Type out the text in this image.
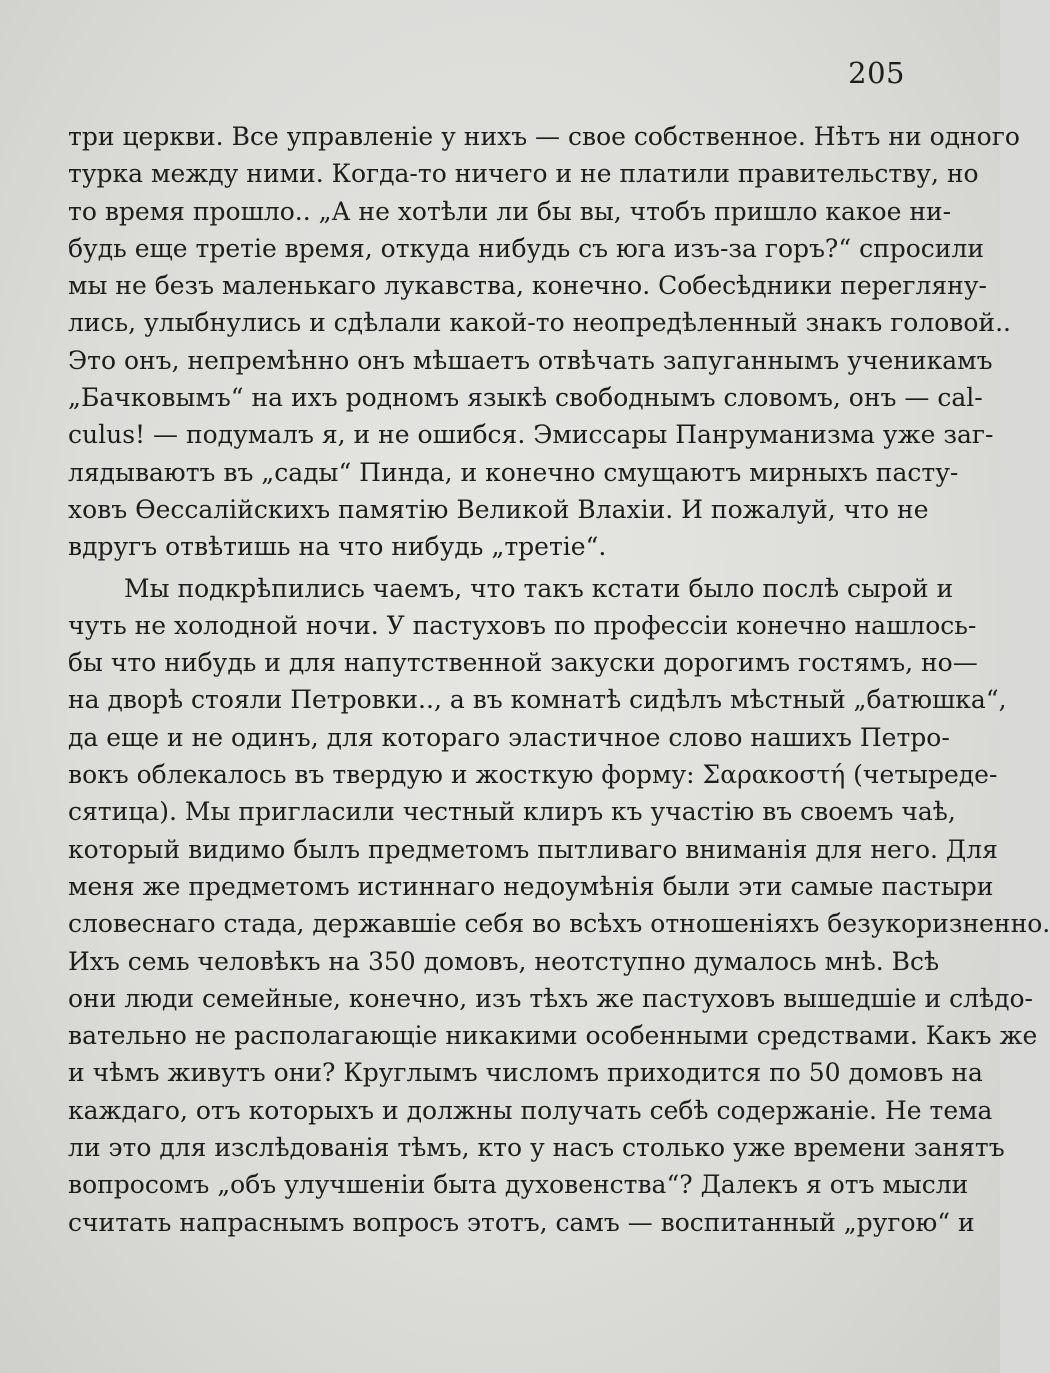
205
три церкви. Все управленіе у нихъ — свое собственное. Нѣтъ ни одного
турка между ними. Когда-то ничего и не платили правительству, но
то время прошло.. „А не хотѣли ли бы вы, чтобъ пришло какое ни-
будь еще третіе время, откуда нибудь съ юга изъ-за горъ?“ спросили
мы не безъ маленькаго лукавства, конечно. Собесѣдники перегляну-
лись, улыбнулись и сдѣлали какой-то неопредѣленный знакъ головой..
Это онъ, непремѣнно онъ мѣшаетъ отвѣчать запуганнымъ ученикамъ
„Бачковымъ“ на ихъ родномъ языкѣ свободнымъ словомъ, онъ — cal-
culus! — подумалъ я, и не ошибся. Эмиссары Панруманизма уже заг-
лядываютъ въ „сады“ Пинда, и конечно смущаютъ мирныхъ пасту-
ховъ Ѳессалійскихъ памятію Великой Влахіи. И пожалуй, что не
вдругъ отвѣтишь на что нибудь „третіе“.
Мы подкрѣпились чаемъ, что такъ кстати было послѣ сырой и
чуть не холодной ночи. У пастуховъ по профессіи конечно нашлось-
бы что нибудь и для напутственной закуски дорогимъ гостямъ, но—
на дворѣ стояли Петровки.., а въ комнатѣ сидѣлъ мѣстный „батюшка“,
да еще и не одинъ, для котораго эластичное слово нашихъ Петро-
вокъ облекалось въ твердую и жосткую форму: Σαρακοστή (четыреде-
сятица). Мы пригласили честный клиръ къ участію въ своемъ чаѣ,
который видимо былъ предметомъ пытливаго вниманія для него. Для
меня же предметомъ истиннаго недоумѣнія были эти самые пастыри
словеснаго стада, державшіе себя во всѣхъ отношеніяхъ безукоризненно.
Ихъ семь человѣкъ на 350 домовъ, неотступно думалось мнѣ. Всѣ
они люди семейные, конечно, изъ тѣхъ же пастуховъ вышедшіе и слѣдо-
вательно не располагающіе никакими особенными средствами. Какъ же
и чѣмъ живутъ они? Круглымъ числомъ приходится по 50 домовъ на
каждаго, отъ которыхъ и должны получать себѣ содержаніе. Не тема
ли это для изслѣдованія тѣмъ, кто у насъ столько уже времени занятъ
вопросомъ „объ улучшеніи быта духовенства“? Далекъ я отъ мысли
считать напраснымъ вопросъ этотъ, самъ — воспитанный „ругою“ и
